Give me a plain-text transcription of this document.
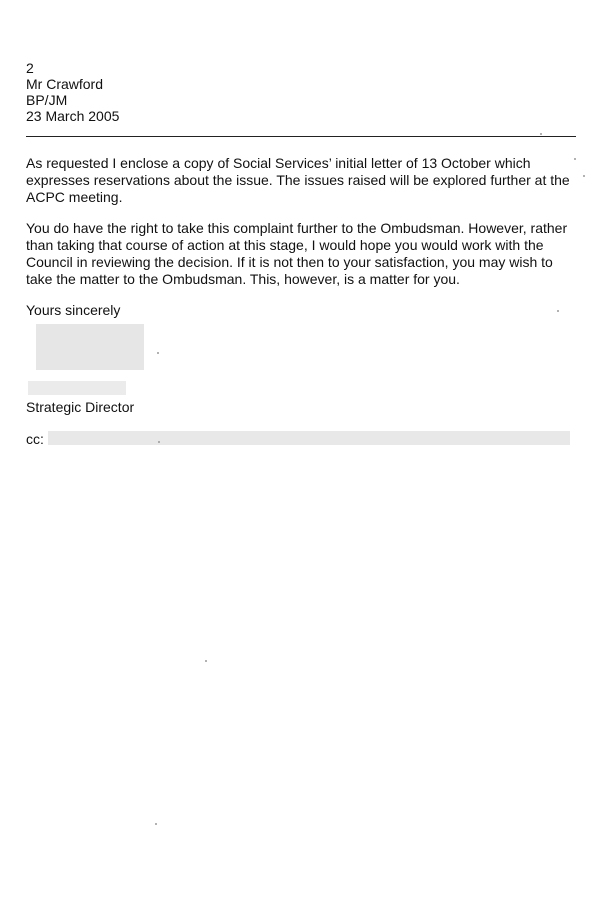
2
Mr Crawford
BP/JM
23 March 2005
As requested I enclose a copy of Social Services’ initial letter of 13 October which expresses reservations about the issue. The issues raised will be explored further at the ACPC meeting.
You do have the right to take this complaint further to the Ombudsman. However, rather than taking that course of action at this stage, I would hope you would work with the Council in reviewing the decision. If it is not then to your satisfaction, you may wish to take the matter to the Ombudsman. This, however, is a matter for you.
Yours sincerely
Strategic Director
cc:
